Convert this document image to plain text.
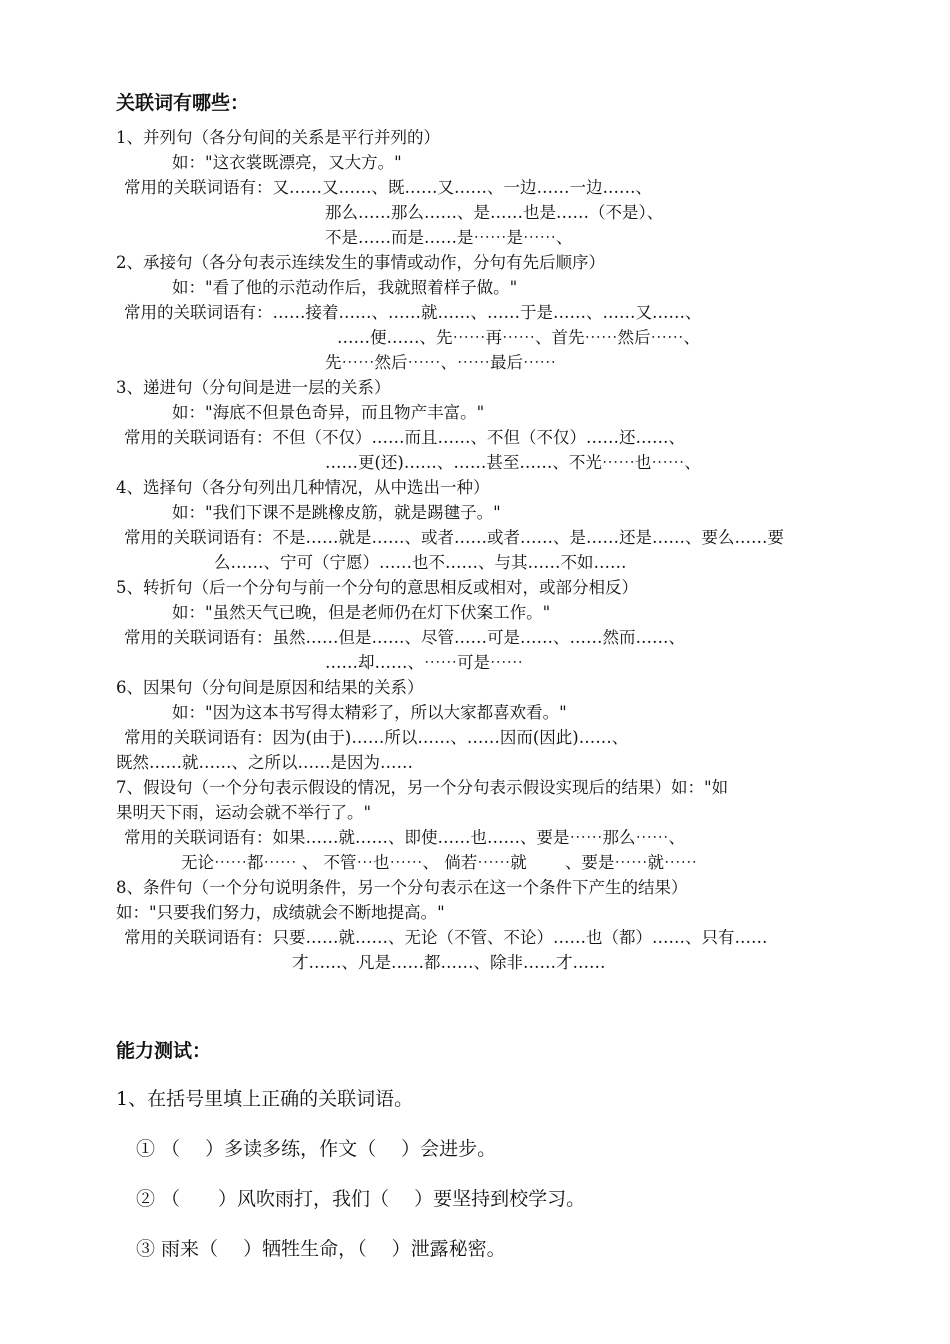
关联词有哪些：
1、并列句（各分句间的关系是平行并列的）
如："这衣裳既漂亮，又大方。"
常用的关联词语有：又……又……、既……又……、一边……一边……、
那么……那么……、是……也是……（不是）、
不是……而是……是⋯⋯是⋯⋯、
2、承接句（各分句表示连续发生的事情或动作，分句有先后顺序）
如："看了他的示范动作后，我就照着样子做。"
常用的关联词语有：……接着……、……就……、……于是……、……又……、
……便……、先⋯⋯再⋯⋯、首先⋯⋯然后⋯⋯、
先⋯⋯然后⋯⋯、⋯⋯最后⋯⋯
3、递进句（分句间是进一层的关系）
如："海底不但景色奇异，而且物产丰富。"
常用的关联词语有：不但（不仅）……而且……、不但（不仅）……还……、
……更(还)……、……甚至……、不光⋯⋯也⋯⋯、
4、选择句（各分句列出几种情况，从中选出一种）
如："我们下课不是跳橡皮筋，就是踢毽子。"
常用的关联词语有：不是……就是……、或者……或者……、是……还是……、要么……要
么……、宁可（宁愿）……也不……、与其……不如……
5、转折句（后一个分句与前一个分句的意思相反或相对，或部分相反）
如："虽然天气已晚，但是老师仍在灯下伏案工作。"
常用的关联词语有：虽然……但是……、尽管……可是……、……然而……、
……却……、⋯⋯可是⋯⋯
6、因果句（分句间是原因和结果的关系）
如："因为这本书写得太精彩了，所以大家都喜欢看。"
常用的关联词语有：因为(由于)……所以……、……因而(因此)……、
既然……就……、之所以……是因为……
7、假设句（一个分句表示假设的情况，另一个分句表示假设实现后的结果）如："如
果明天下雨，运动会就不举行了。"
常用的关联词语有：如果……就……、即使……也……、要是⋯⋯那么⋯⋯、
无论⋯⋯都⋯⋯ 、 不管⋯也⋯⋯、 倘若⋯⋯就　　 、要是⋯⋯就⋯⋯
8、条件句（一个分句说明条件，另一个分句表示在这一个条件下产生的结果）
如："只要我们努力，成绩就会不断地提高。"
常用的关联词语有：只要……就……、无论（不管、不论）……也（都）……、只有……
才……、凡是……都……、除非……才……
能力测试：
1、在括号里填上正确的关联词语。
① （　 ）多读多练，作文（　 ）会进步。
② （　　）风吹雨打，我们（　 ）要坚持到校学习。
③ 雨来（　 ）牺牲生命，（　 ）泄露秘密。
